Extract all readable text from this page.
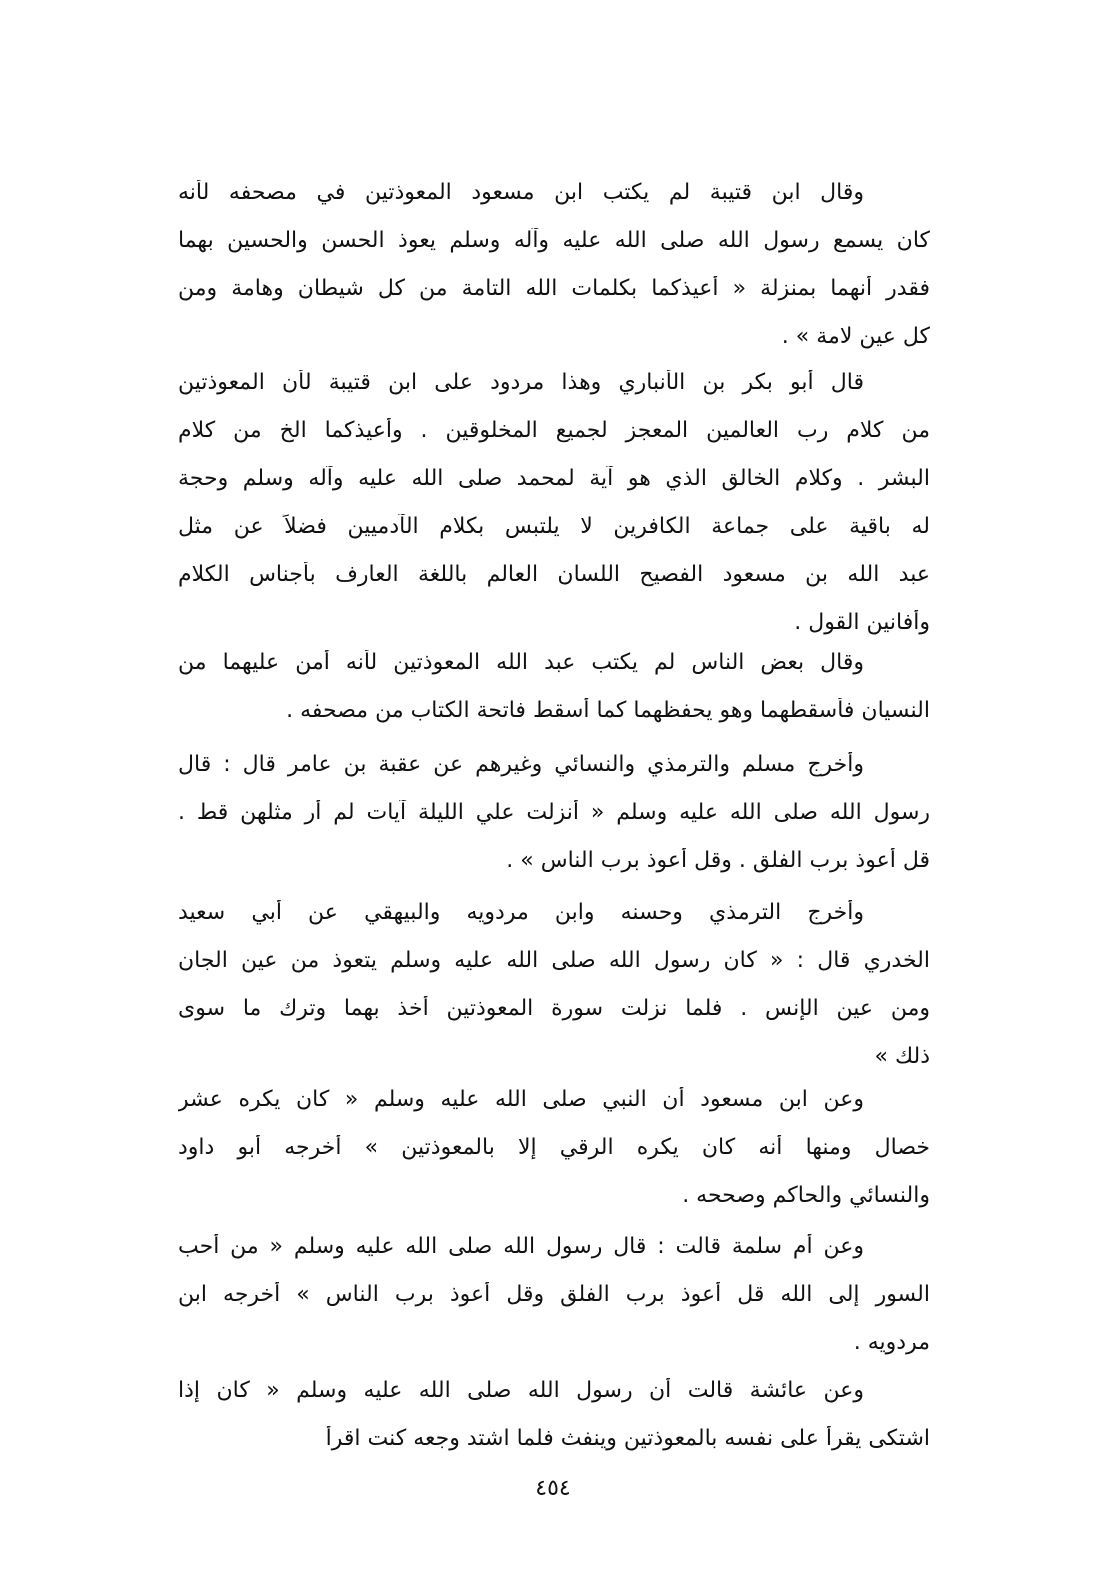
وقال ابن قتيبة لم يكتب ابن مسعود المعوذتين في مصحفه لأنه
كان يسمع رسول الله صلى الله عليه وآله وسلم يعوذ الحسن والحسين بهما
فقدر أنهما بمنزلة « أعيذكما بكلمات الله التامة من كل شيطان وهامة ومن
كل عين لامة » .
قال أبو بكر بن الأنباري وهذا مردود على ابن قتيبة لأن المعوذتين
من كلام رب العالمين المعجز لجميع المخلوقين . وأعيذكما الخ من كلام
البشر . وكلام الخالق الذي هو آية لمحمد صلى الله عليه وآله وسلم وحجة
له باقية على جماعة الكافرين لا يلتبس بكلام الآدميين فضلاً عن مثل
عبد الله بن مسعود الفصيح اللسان العالم باللغة العارف بأجناس الكلام
وأفانين القول .
وقال بعض الناس لم يكتب عبد الله المعوذتين لأنه أمن عليهما من
النسيان فأسقطهما وهو يحفظهما كما أسقط فاتحة الكتاب من مصحفه .
وأخرج مسلم والترمذي والنسائي وغيرهم عن عقبة بن عامر قال : قال
رسول الله صلى الله عليه وسلم « أنزلت علي الليلة آيات لم أر مثلهن قط .
قل أعوذ برب الفلق . وقل أعوذ برب الناس » .
وأخرج الترمذي وحسنه وابن مردويه والبيهقي عن أبي سعيد
الخدري قال : « كان رسول الله صلى الله عليه وسلم يتعوذ من عين الجان
ومن عين الإنس . فلما نزلت سورة المعوذتين أخذ بهما وترك ما سوى
ذلك »
وعن ابن مسعود أن النبي صلى الله عليه وسلم « كان يكره عشر
خصال ومنها أنه كان يكره الرقي إلا بالمعوذتين » أخرجه أبو داود
والنسائي والحاكم وصححه .
وعن أم سلمة قالت : قال رسول الله صلى الله عليه وسلم « من أحب
السور إلى الله قل أعوذ برب الفلق وقل أعوذ برب الناس » أخرجه ابن
مردويه .
وعن عائشة قالت أن رسول الله صلى الله عليه وسلم « كان إذا
اشتكى يقرأ على نفسه بالمعوذتين وينفث فلما اشتد وجعه كنت اقرأ
٤٥٤
